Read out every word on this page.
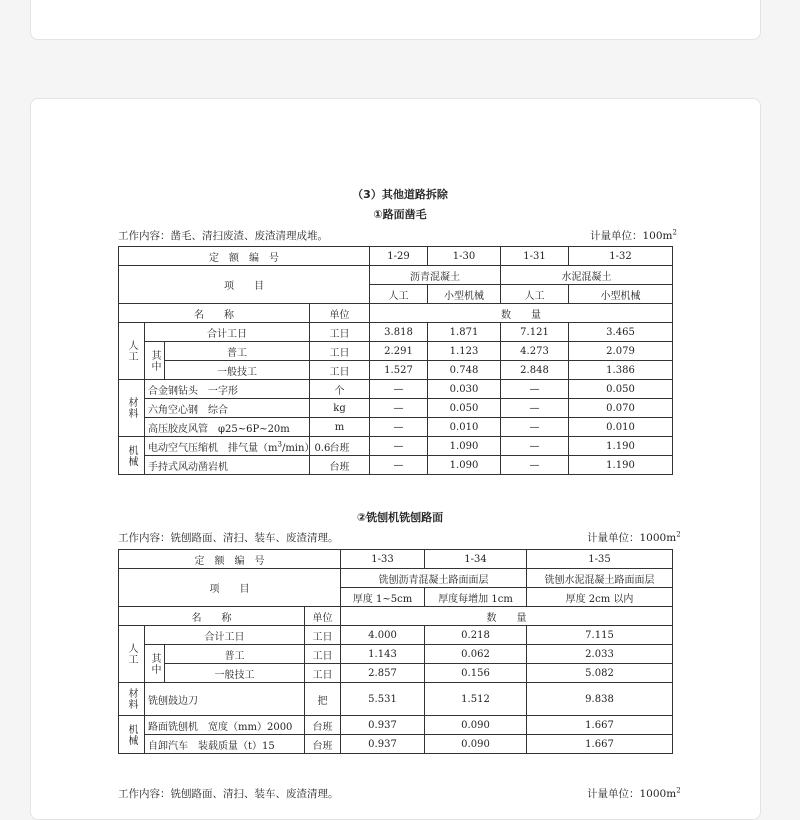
（3）其他道路拆除
①路面凿毛
工作内容：凿毛、清扫废渣、废渣清理成堆。	计量单位：$100m^2$
定　额　编　号				1-29	1-30	1-31	1-32
项　　目				沥青混凝土		水泥混凝土	
				人工	小型机械	人工	小型机械
名　　称			单位	数　　量			
人工	合计工日		工日	3.818	1.871	7.121	3.465
	其中	普工	工日	2.291	1.123	4.273	2.079
		一般技工	工日	1.527	0.748	2.848	1.386
材料	合金钢钻头　一字形		个	—	0.030	—	0.050
	六角空心钢　综合		kg	—	0.050	—	0.070
	高压胶皮风管　φ25~6P~20m		m	—	0.010	—	0.010
机械	电动空气压缩机　排气量$(m^3/\min)0.6$		台班	—	1.090	—	1.190
	手持式风动凿岩机		台班	—	1.090	—	1.190
②铣刨机铣刨路面
工作内容：铣刨路面、清扫、装车、废渣清理。	计量单位：$1000m^2$
定　额　编　号				1-33	1-34	1-35
项　　目				铣刨沥青混凝土路面面层		铣刨水泥混凝土路面面层
				厚度 1~5cm	厚度每增加 1cm	厚度 2cm 以内
名　　称			单位	数　　量		
人工	合计工日		工日	4.000	0.218	7.115
	其中	普工	工日	1.143	0.062	2.033
		一般技工	工日	2.857	0.156	5.082
材料	铣刨鼓边刀		把	5.531	1.512	9.838
机械	路面铣刨机　宽度（mm）2000		台班	0.937	0.090	1.667
	自卸汽车　装载质量（t）15		台班	0.937	0.090	1.667
工作内容：铣刨路面、清扫、装车、废渣清理。	计量单位：$1000m^2$
